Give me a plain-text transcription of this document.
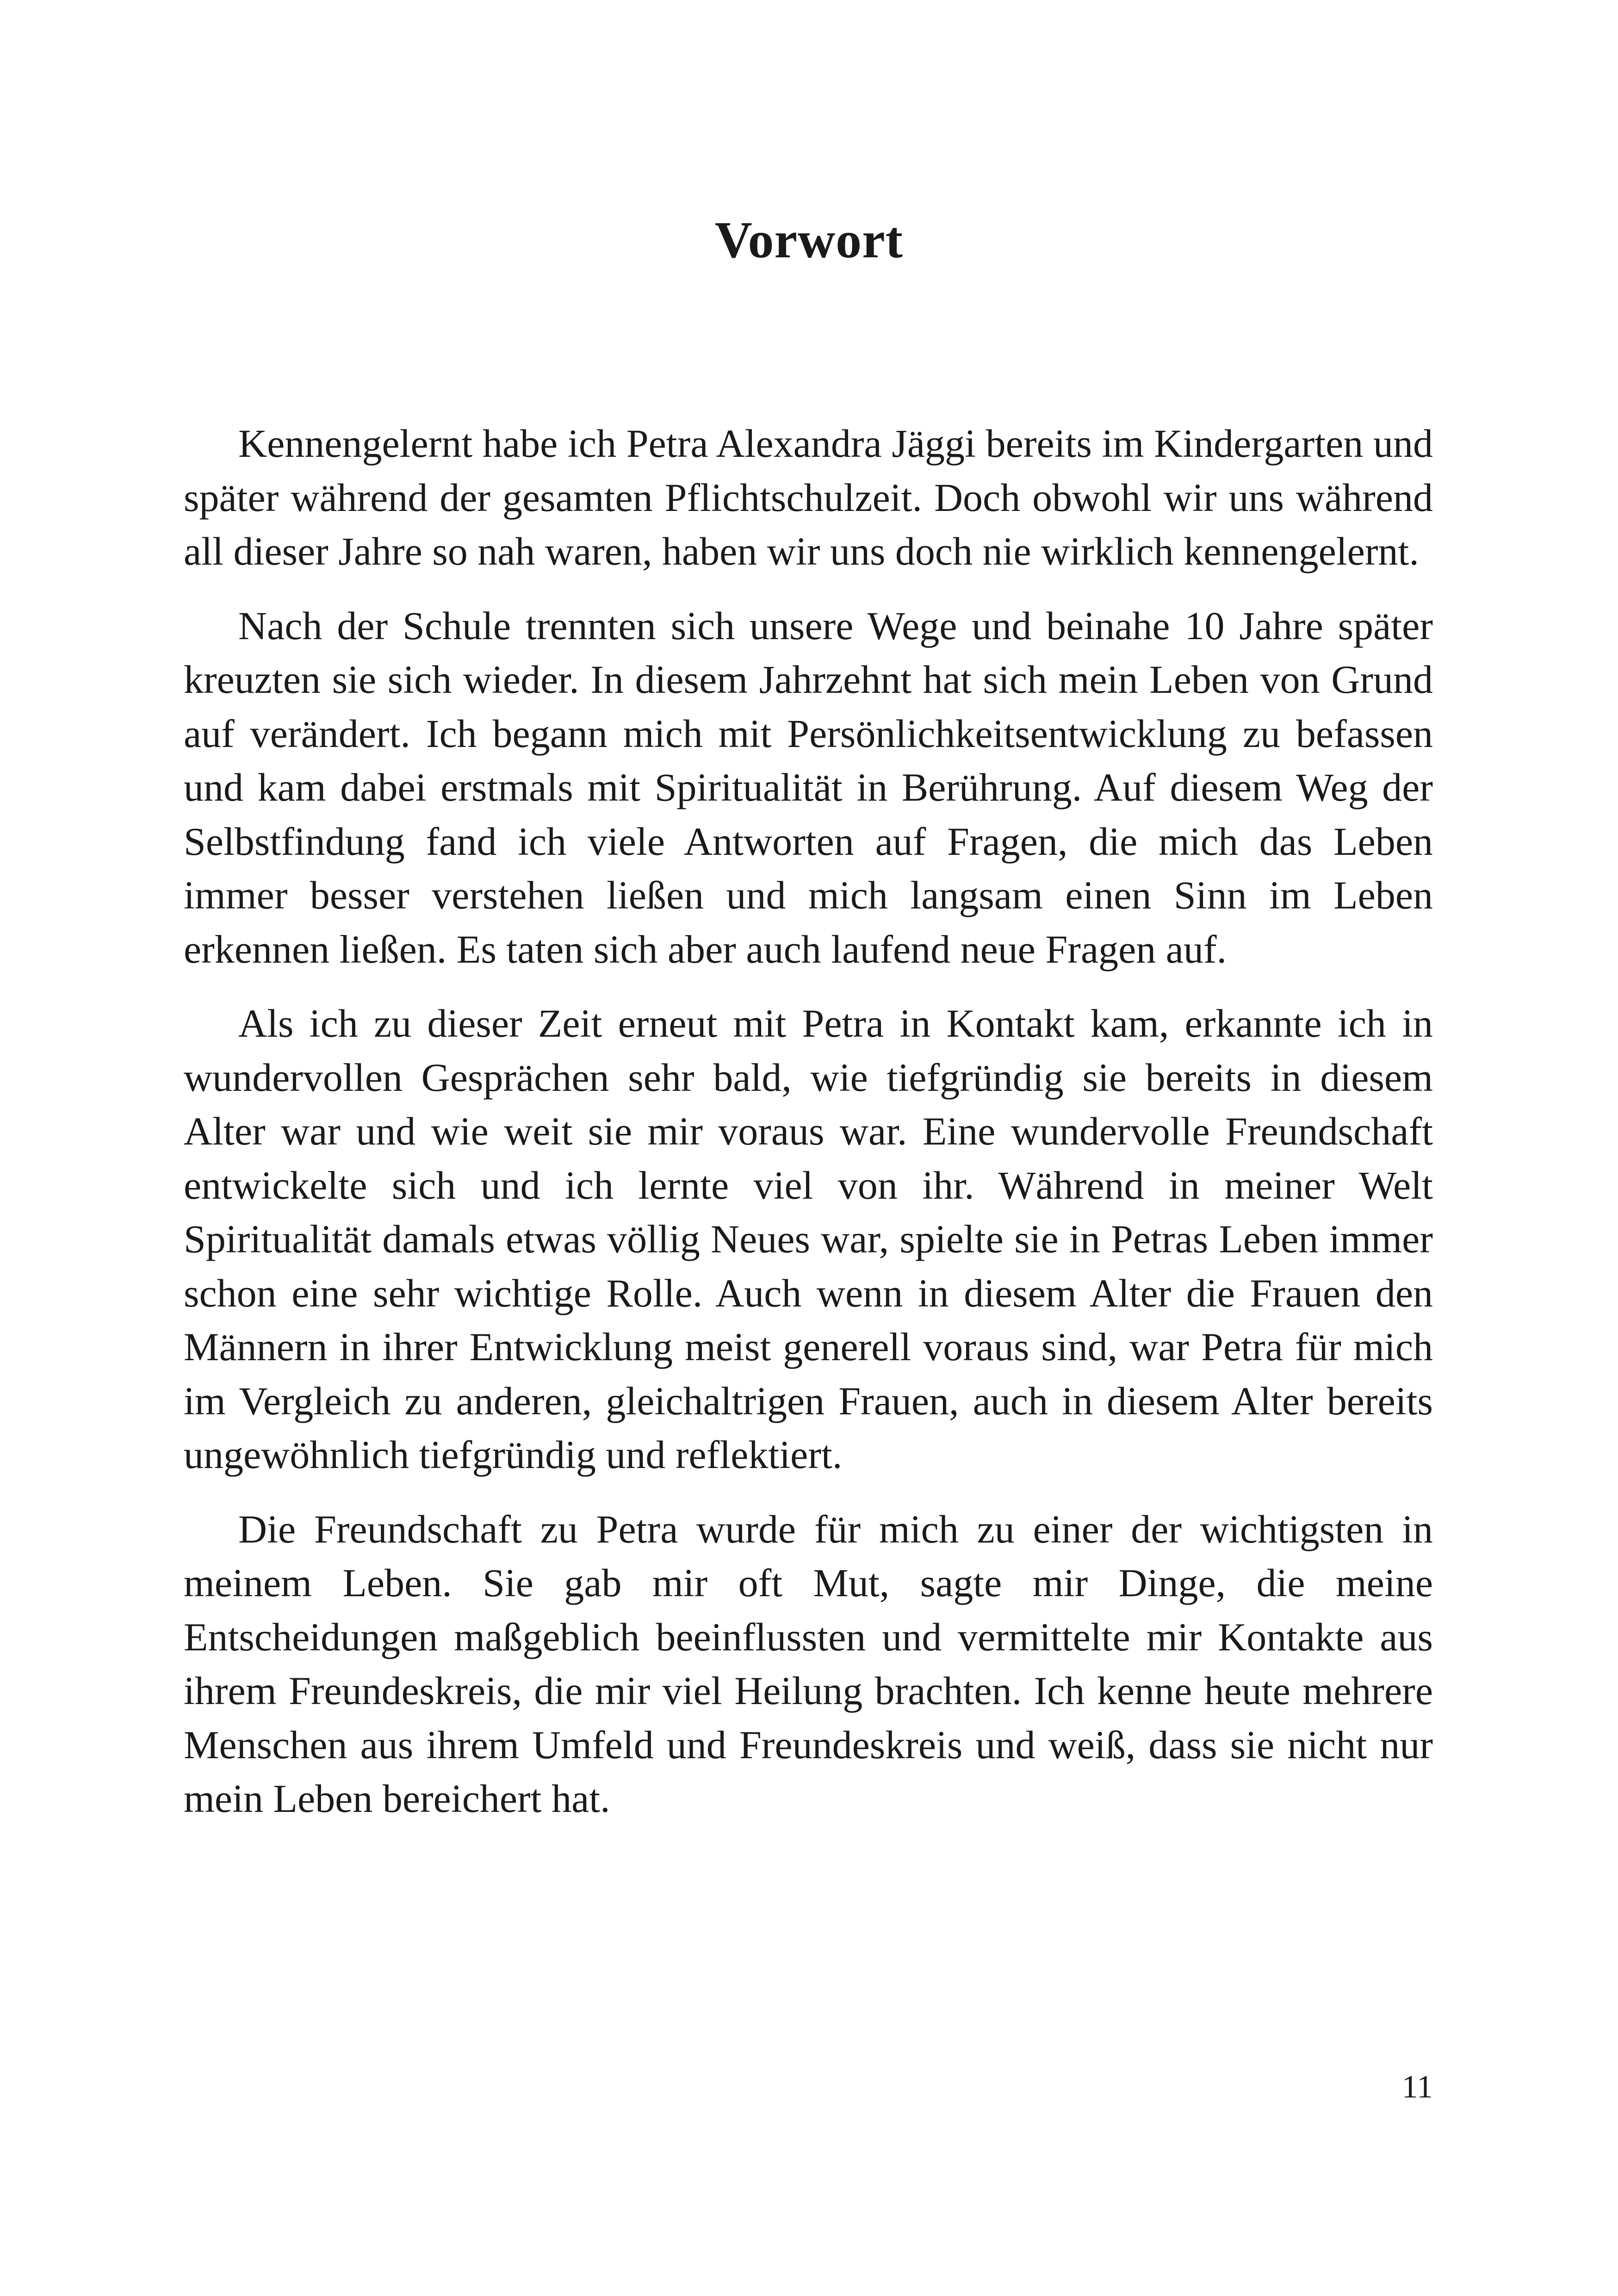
Vorwort

Kennengelernt habe ich Petra Alexandra Jäggi bereits im Kindergarten und später während der gesamten Pflichtschulzeit. Doch obwohl wir uns während all dieser Jahre so nah waren, haben wir uns doch nie wirklich kennengelernt.

Nach der Schule trennten sich unsere Wege und beinahe 10 Jahre später kreuzten sie sich wieder. In diesem Jahrzehnt hat sich mein Leben von Grund auf verändert. Ich begann mich mit Persönlichkeitsentwicklung zu befassen und kam dabei erstmals mit Spiritualität in Berührung. Auf diesem Weg der Selbstfindung fand ich viele Antworten auf Fragen, die mich das Leben immer besser verstehen ließen und mich langsam einen Sinn im Leben erkennen ließen. Es taten sich aber auch laufend neue Fragen auf.

Als ich zu dieser Zeit erneut mit Petra in Kontakt kam, erkannte ich in wundervollen Gesprächen sehr bald, wie tiefgründig sie bereits in diesem Alter war und wie weit sie mir voraus war. Eine wundervolle Freundschaft entwickelte sich und ich lernte viel von ihr. Während in meiner Welt Spiritualität damals etwas völlig Neues war, spielte sie in Petras Leben immer schon eine sehr wichtige Rolle. Auch wenn in diesem Alter die Frauen den Männern in ihrer Entwicklung meist generell voraus sind, war Petra für mich im Vergleich zu anderen, gleichaltrigen Frauen, auch in diesem Alter bereits ungewöhnlich tiefgründig und reflektiert.

Die Freundschaft zu Petra wurde für mich zu einer der wichtigsten in meinem Leben. Sie gab mir oft Mut, sagte mir Dinge, die meine Entscheidungen maßgeblich beeinflussten und vermittelte mir Kontakte aus ihrem Freundeskreis, die mir viel Heilung brachten. Ich kenne heute mehrere Menschen aus ihrem Umfeld und Freundeskreis und weiß, dass sie nicht nur mein Leben bereichert hat.

11
